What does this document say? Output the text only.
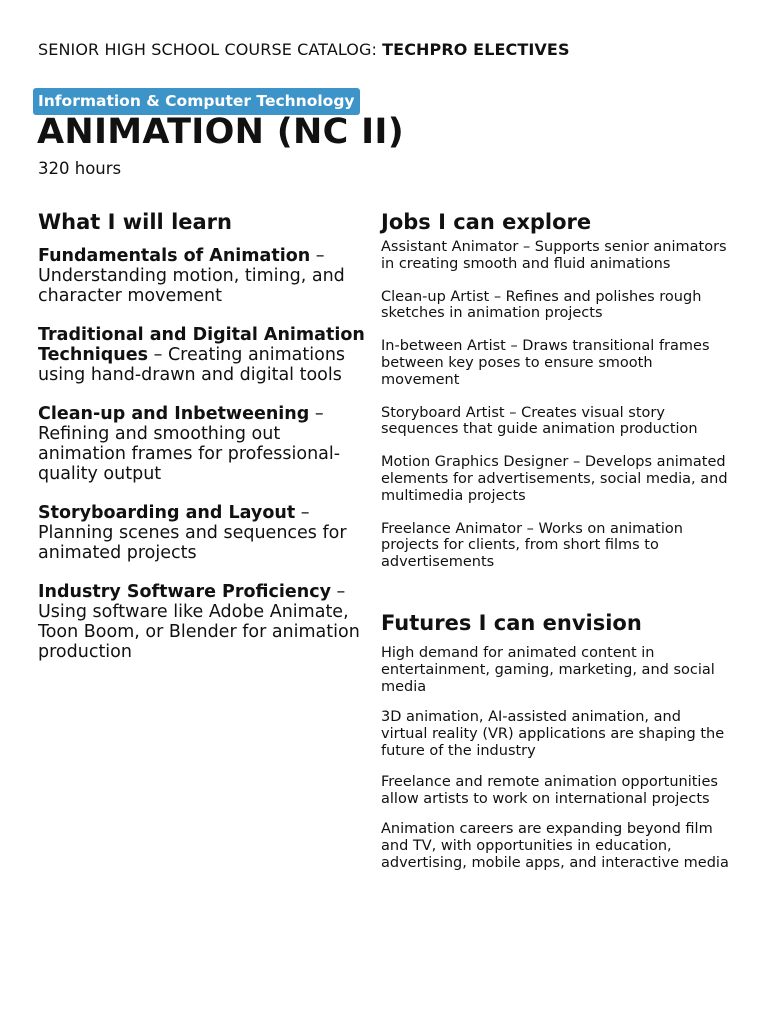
SENIOR HIGH SCHOOL COURSE CATALOG: TECHPRO ELECTIVES
Information & Computer Technology
ANIMATION (NC II)
320 hours
What I will learn
Fundamentals of Animation – Understanding motion, timing, and character movement
Traditional and Digital Animation Techniques – Creating animations using hand-drawn and digital tools
Clean-up and Inbetweening – Refining and smoothing out animation frames for professional-quality output
Storyboarding and Layout – Planning scenes and sequences for animated projects
Industry Software Proficiency – Using software like Adobe Animate, Toon Boom, or Blender for animation production
Jobs I can explore
Assistant Animator – Supports senior animators in creating smooth and fluid animations
Clean-up Artist – Refines and polishes rough sketches in animation projects
In-between Artist – Draws transitional frames between key poses to ensure smooth movement
Storyboard Artist – Creates visual story sequences that guide animation production
Motion Graphics Designer – Develops animated elements for advertisements, social media, and multimedia projects
Freelance Animator – Works on animation projects for clients, from short films to advertisements
Futures I can envision
High demand for animated content in entertainment, gaming, marketing, and social media
3D animation, AI-assisted animation, and virtual reality (VR) applications are shaping the future of the industry
Freelance and remote animation opportunities allow artists to work on international projects
Animation careers are expanding beyond film and TV, with opportunities in education, advertising, mobile apps, and interactive media
